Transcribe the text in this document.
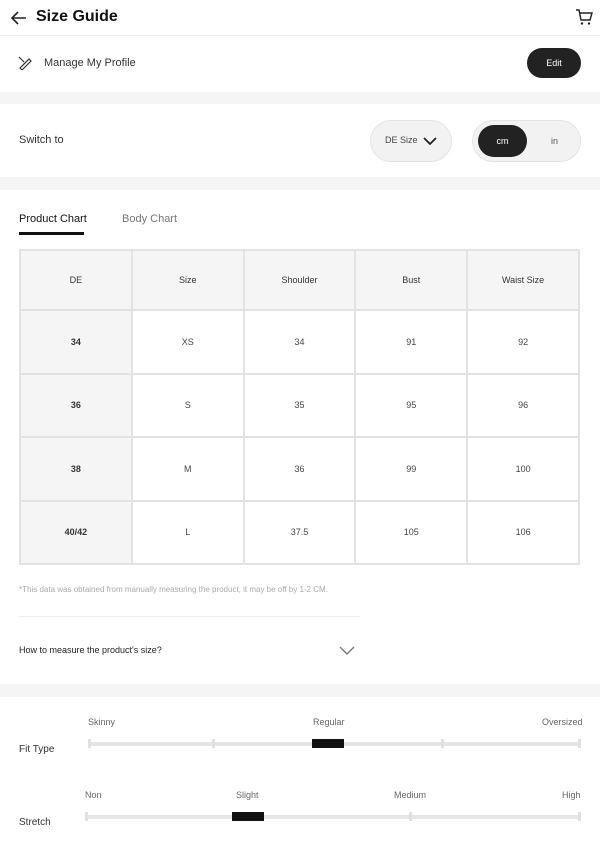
Size Guide
Manage My Profile	Edit
Switch to	DE Size	cm	in
Product Chart	Body Chart
DE	Size	Shoulder	Bust	Waist Size
34	XS	34	91	92
36	S	35	95	96
38	M	36	99	100
40/42	L	37.5	105	106
*This data was obtained from manually measuring the product, it may be off by 1-2 CM.
How to measure the product's size?
Skinny	Regular	Oversized
Fit Type
Non	Slight	Medium	High
Stretch
